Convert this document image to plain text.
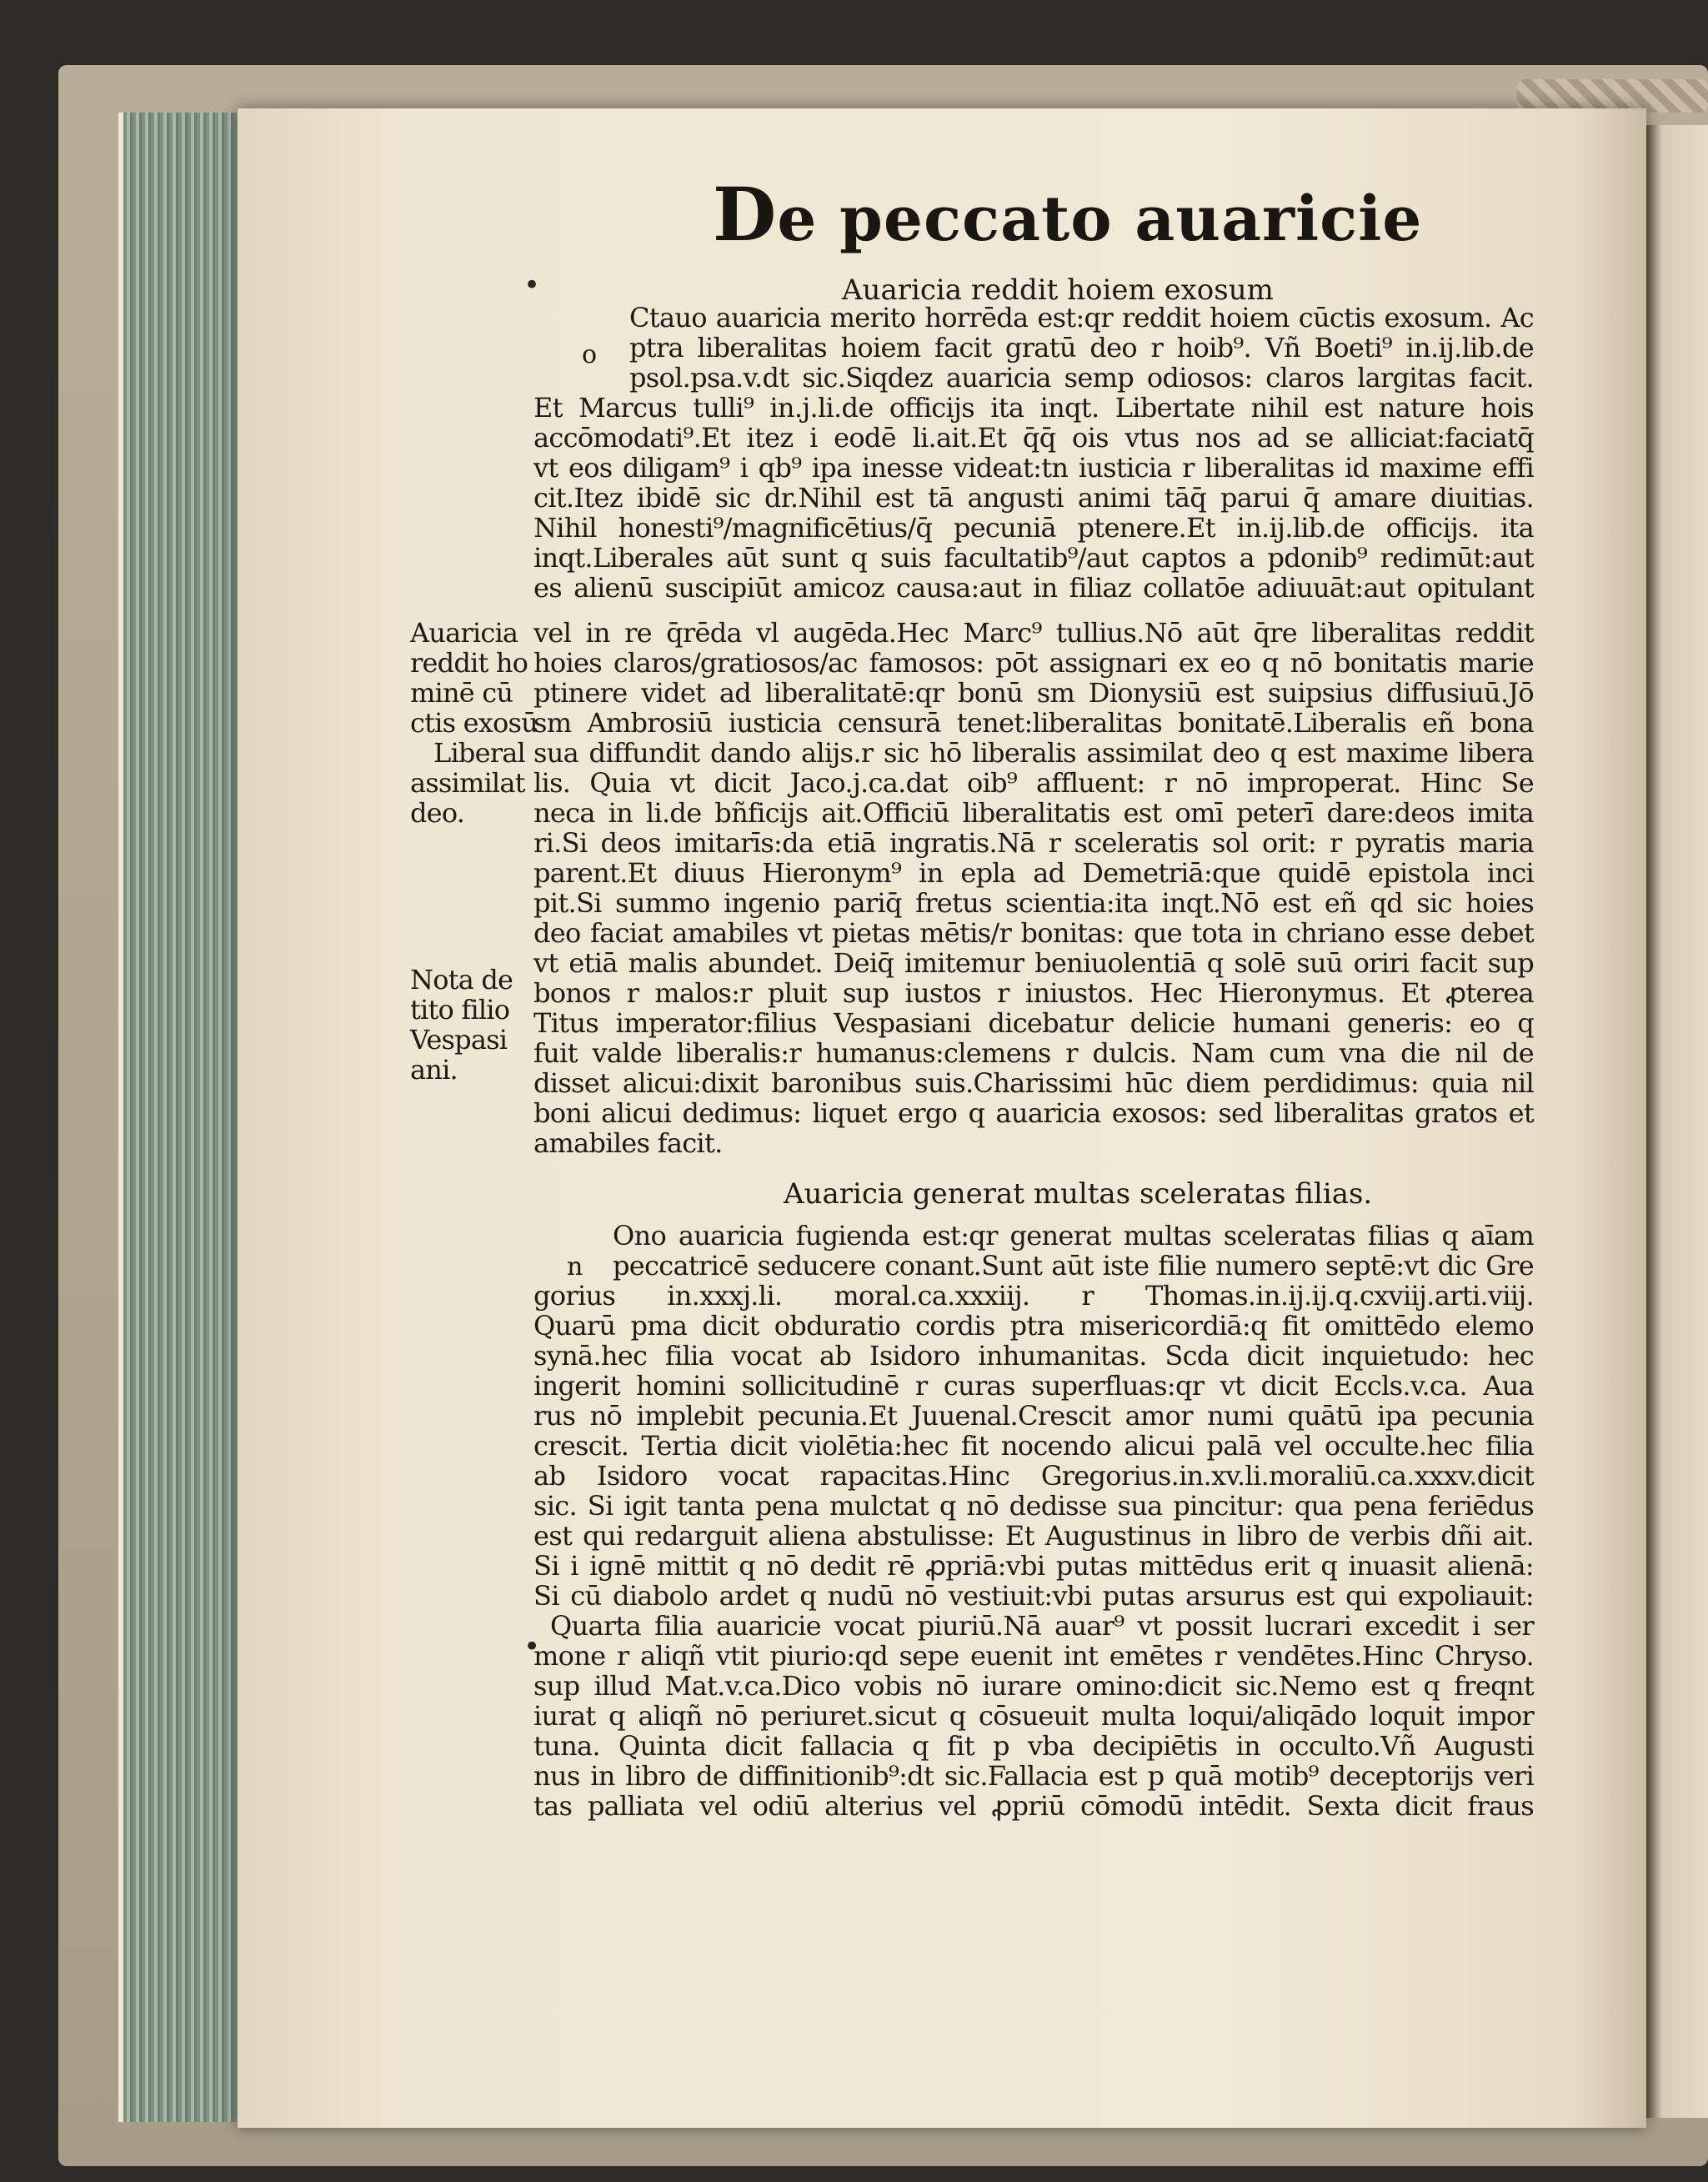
De peccato auaricie
•
•
Auaricia reddit hoiem exosum
o
Ctauo auaricia merito horrēda est:qr reddit hoiem cūctis exosum. Ac
ptra liberalitas hoiem facit gratū deo r hoib⁹. Vñ Boeti⁹ in.ij.lib.de
psol.psa.v.dt sic.Siqdez auaricia semp odiosos: claros largitas facit.
Et Marcus tulli⁹ in.j.li.de officijs ita inqt. Libertate nihil est nature hois
accōmodati⁹.Et itez i eodē li.ait.Et q̄q̄ ois vtus nos ad se alliciat:faciatq̄
vt eos diligam⁹ i qb⁹ ipa inesse videat:tn iusticia r liberalitas id maxime effi
cit.Itez ibidē sic dr.Nihil est tā angusti animi tāq̄ parui q̄ amare diuitias.
Nihil honesti⁹/magnificētius/q̄ pecuniā ptenere.Et in.ij.lib.de officijs. ita
inqt.Liberales aūt sunt q suis facultatib⁹/aut captos a pdonib⁹ redimūt:aut
es alienū suscipiūt amicoz causa:aut in filiaz collatōe adiuuāt:aut opitulant
vel in re q̄rēda vl augēda.Hec Marc⁹ tullius.Nō aūt q̄re liberalitas reddit
hoies claros/gratiosos/ac famosos: pōt assignari ex eo q nō bonitatis marie
ptinere videt ad liberalitatē:qr bonū sm Dionysiū est suipsius diffusiuū.Jō
sm Ambrosiū iusticia censurā tenet:liberalitas bonitatē.Liberalis eñ bona
sua diffundit dando alijs.r sic hō liberalis assimilat deo q est maxime libera
lis. Quia vt dicit Jaco.j.ca.dat oib⁹ affluent: r nō improperat. Hinc Se
neca in li.de bñficijs ait.Officiū liberalitatis est omī peterī dare:deos imita
ri.Si deos imitarīs:da etiā ingratis.Nā r sceleratis sol orit: r pyratis maria
parent.Et diuus Hieronym⁹ in epla ad Demetriā:que quidē epistola inci
pit.Si summo ingenio pariq̄ fretus scientia:ita inqt.Nō est eñ qd sic hoies
deo faciat amabiles vt pietas mētis/r bonitas: que tota in chriano esse debet
vt etiā malis abundet. Deiq̄ imitemur beniuolentiā q solē suū oriri facit sup
bonos r malos:r pluit sup iustos r iniustos. Hec Hieronymus. Et ꝓterea
Titus imperator:filius Vespasiani dicebatur delicie humani generis: eo q
fuit valde liberalis:r humanus:clemens r dulcis. Nam cum vna die nil de
disset alicui:dixit baronibus suis.Charissimi hūc diem perdidimus: quia nil
boni alicui dedimus: liquet ergo q auaricia exosos: sed liberalitas gratos et
amabiles facit.
Auaricia
reddit ho
minē cū
ctis exosū
Liberal
assimilat
deo.
Nota de
tito filio
Vespasi
ani.
Auaricia generat multas sceleratas filias.
n
Ono auaricia fugienda est:qr generat multas sceleratas filias q aīam
peccatricē seducere conant.Sunt aūt iste filie numero septē:vt dic Gre
gorius in.xxxj.li. moral.ca.xxxiij. r Thomas.in.ij.ij.q.cxviij.arti.viij.
Quarū pma dicit obduratio cordis ptra misericordiā:q fit omittēdo elemo
synā.hec filia vocat ab Isidoro inhumanitas. Scda dicit inquietudo: hec
ingerit homini sollicitudinē r curas superfluas:qr vt dicit Eccls.v.ca. Aua
rus nō implebit pecunia.Et Juuenal.Crescit amor numi quātū ipa pecunia
crescit. Tertia dicit violētia:hec fit nocendo alicui palā vel occulte.hec filia
ab Isidoro vocat rapacitas.Hinc Gregorius.in.xv.li.moraliū.ca.xxxv.dicit
sic. Si igit tanta pena mulctat q nō dedisse sua pincitur: qua pena feriēdus
est qui redarguit aliena abstulisse: Et Augustinus in libro de verbis dñi ait.
Si i ignē mittit q nō dedit rē ꝓpriā:vbi putas mittēdus erit q inuasit alienā:
Si cū diabolo ardet q nudū nō vestiuit:vbi putas arsurus est qui expoliauit:
Quarta filia auaricie vocat piuriū.Nā auar⁹ vt possit lucrari excedit i ser
mone r aliqñ vtit piurio:qd sepe euenit int emētes r vendētes.Hinc Chryso.
sup illud Mat.v.ca.Dico vobis nō iurare omino:dicit sic.Nemo est q freqnt
iurat q aliqñ nō periuret.sicut q cōsueuit multa loqui/aliqādo loquit impor
tuna. Quinta dicit fallacia q fit p vba decipiētis in occulto.Vñ Augusti
nus in libro de diffinitionib⁹:dt sic.Fallacia est p quā motib⁹ deceptorijs veri
tas palliata vel odiū alterius vel ꝓpriū cōmodū intēdit. Sexta dicit fraus
